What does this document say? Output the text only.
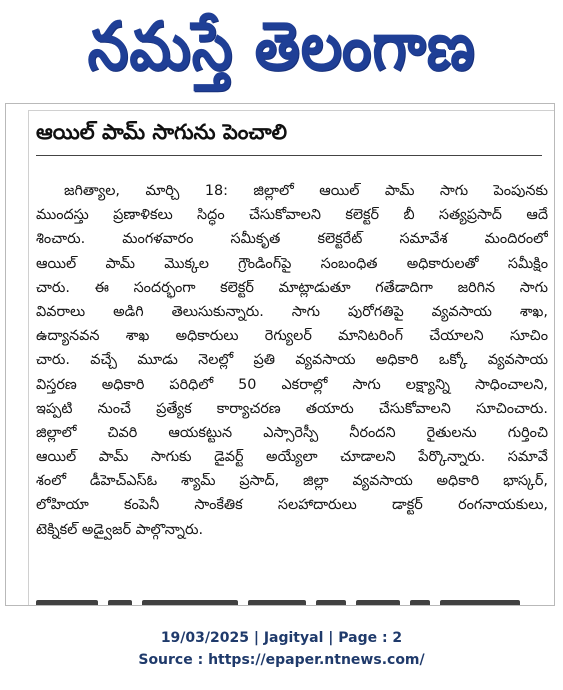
నమస్తే తెలంగాణ
ఆయిల్ పామ్ సాగును పెంచాలి
జగిత్యాల, మార్చి 18: జిల్లాలో ఆయిల్ పామ్ సాగు పెంపునకు
ముందస్తు ప్రణాళికలు సిద్ధం చేసుకోవాలని కలెక్టర్ బీ సత్యప్రసాద్ ఆదే
శించారు. మంగళవారం సమీకృత కలెక్టరేట్ సమావేశ మందిరంలో
ఆయిల్ పామ్ మొక్కల గ్రౌండింగ్‌పై సంబంధిత అధికారులతో సమీక్షిం
చారు. ఈ సందర్భంగా కలెక్టర్ మాట్లాడుతూ గతేడాదిగా జరిగిన సాగు
వివరాలు అడిగి తెలుసుకున్నారు. సాగు పురోగతిపై వ్యవసాయ శాఖ,
ఉద్యానవన శాఖ అధికారులు రెగ్యులర్ మానిటరింగ్ చేయాలని సూచిం
చారు. వచ్చే మూడు నెలల్లో ప్రతి వ్యవసాయ అధికారి ఒక్కో వ్యవసాయ
విస్తరణ అధికారి పరిధిలో 50 ఎకరాల్లో సాగు లక్ష్యాన్ని సాధించాలని,
ఇప్పటి నుంచే ప్రత్యేక కార్యాచరణ తయారు చేసుకోవాలని సూచించారు.
జిల్లాలో చివరి ఆయకట్టున ఎస్సారెస్పీ నీరందని రైతులను గుర్తించి
ఆయిల్ పామ్ సాగుకు డైవర్ట్ అయ్యేలా చూడాలని పేర్కొన్నారు. సమావే
శంలో డీహెచ్ఎస్ఓ శ్యామ్ ప్రసాద్, జిల్లా వ్యవసాయ అధికారి భాస్కర్,
లోహియా కంపెనీ సాంకేతిక సలహాదారులు డాక్టర్ రంగనాయకులు,
టెక్నికల్ అడ్వైజర్ పాల్గొన్నారు.
19/03/2025 | Jagityal | Page : 2
Source : https://epaper.ntnews.com/
